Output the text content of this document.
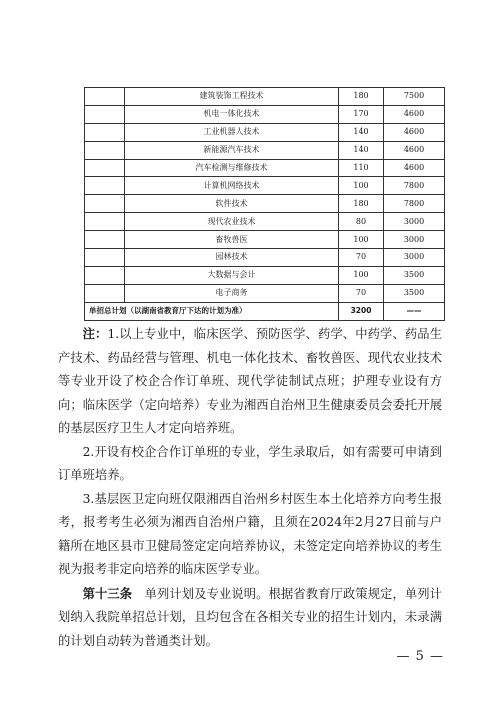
	建筑装饰工程技术	180	7500
	机电一体化技术	170	4600
	工业机器人技术	140	4600
	新能源汽车技术	140	4600
	汽车检测与维修技术	110	4600
	计算机网络技术	100	7800
	软件技术	180	7800
	现代农业技术	80	3000
	畜牧兽医	100	3000
	园林技术	70	3000
	大数据与会计	100	3500
	电子商务	70	3500
单招总计划（以湖南省教育厅下达的计划为准）		3200	——

注：1.以上专业中，临床医学、预防医学、药学、中药学、药品生产技术、药品经营与管理、机电一体化技术、畜牧兽医、现代农业技术等专业开设了校企合作订单班、现代学徒制试点班；护理专业设有方向；临床医学（定向培养）专业为湘西自治州卫生健康委员会委托开展的基层医疗卫生人才定向培养班。

2.开设有校企合作订单班的专业，学生录取后，如有需要可申请到订单班培养。

3.基层医卫定向班仅限湘西自治州乡村医生本土化培养方向考生报考，报考考生必须为湘西自治州户籍，且须在2024年2月27日前与户籍所在地区县市卫健局签定定向培养协议，未签定定向培养协议的考生视为报考非定向培养的临床医学专业。

第十三条　 单列计划及专业说明。根据省教育厅政策规定，单列计划纳入我院单招总计划，且均包含在各相关专业的招生计划内，未录满的计划自动转为普通类计划。

— 5 —
